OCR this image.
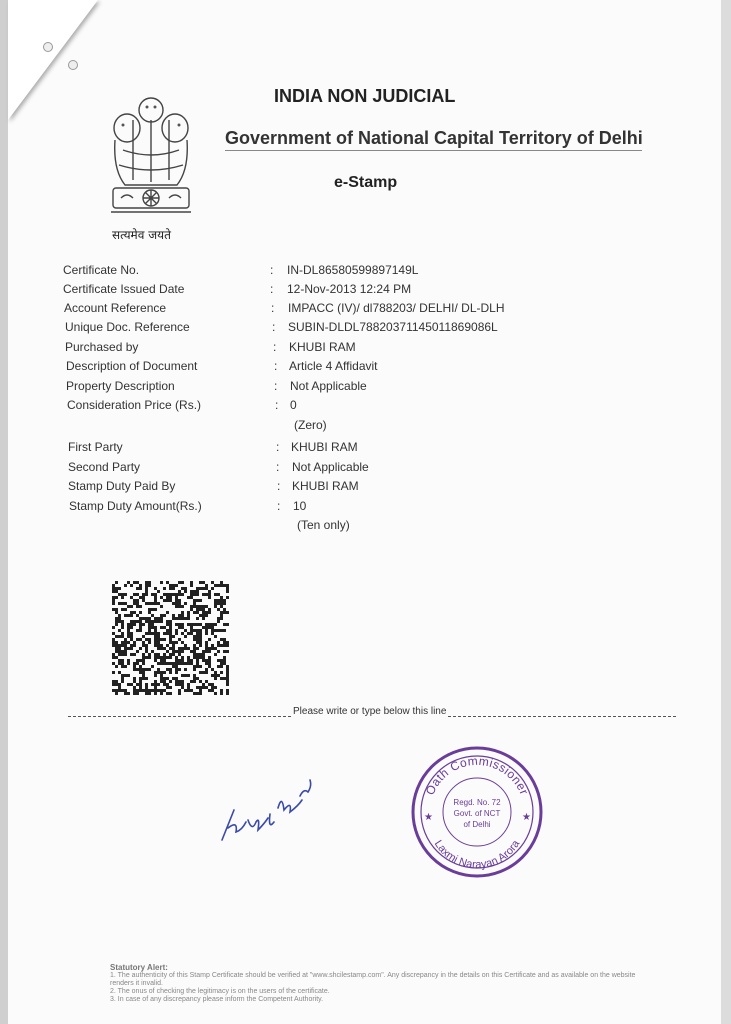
सत्यमेव जयते
INDIA NON JUDICIAL
Government of National Capital Territory of Delhi
e-Stamp
Certificate No.	: IN-DL86580599897149L
Certificate Issued Date	: 12-Nov-2013 12:24 PM
Account Reference	: IMPACC (IV)/ dl788203/ DELHI/ DL-DLH
Unique Doc. Reference	: SUBIN-DLDL78820371145011869086L
Purchased by	: KHUBI RAM
Description of Document	: Article 4 Affidavit
Property Description	: Not Applicable
Consideration Price (Rs.)	: 0
(Zero)
First Party	: KHUBI RAM
Second Party	: Not Applicable
Stamp Duty Paid By	: KHUBI RAM
Stamp Duty Amount(Rs.)	: 10
(Ten only)
Please write or type below this line
Oath Commissioner
Laxmi Narayan Arora
Regd. No. 72
Govt. of NCT
of Delhi
★	★
Statutory Alert:
1. The authenticity of this Stamp Certificate should be verified at "www.shcilestamp.com". Any discrepancy in the details on this Certificate and as available on the website renders it invalid.
2. The onus of checking the legitimacy is on the users of the certificate.
3. In case of any discrepancy please inform the Competent Authority.
